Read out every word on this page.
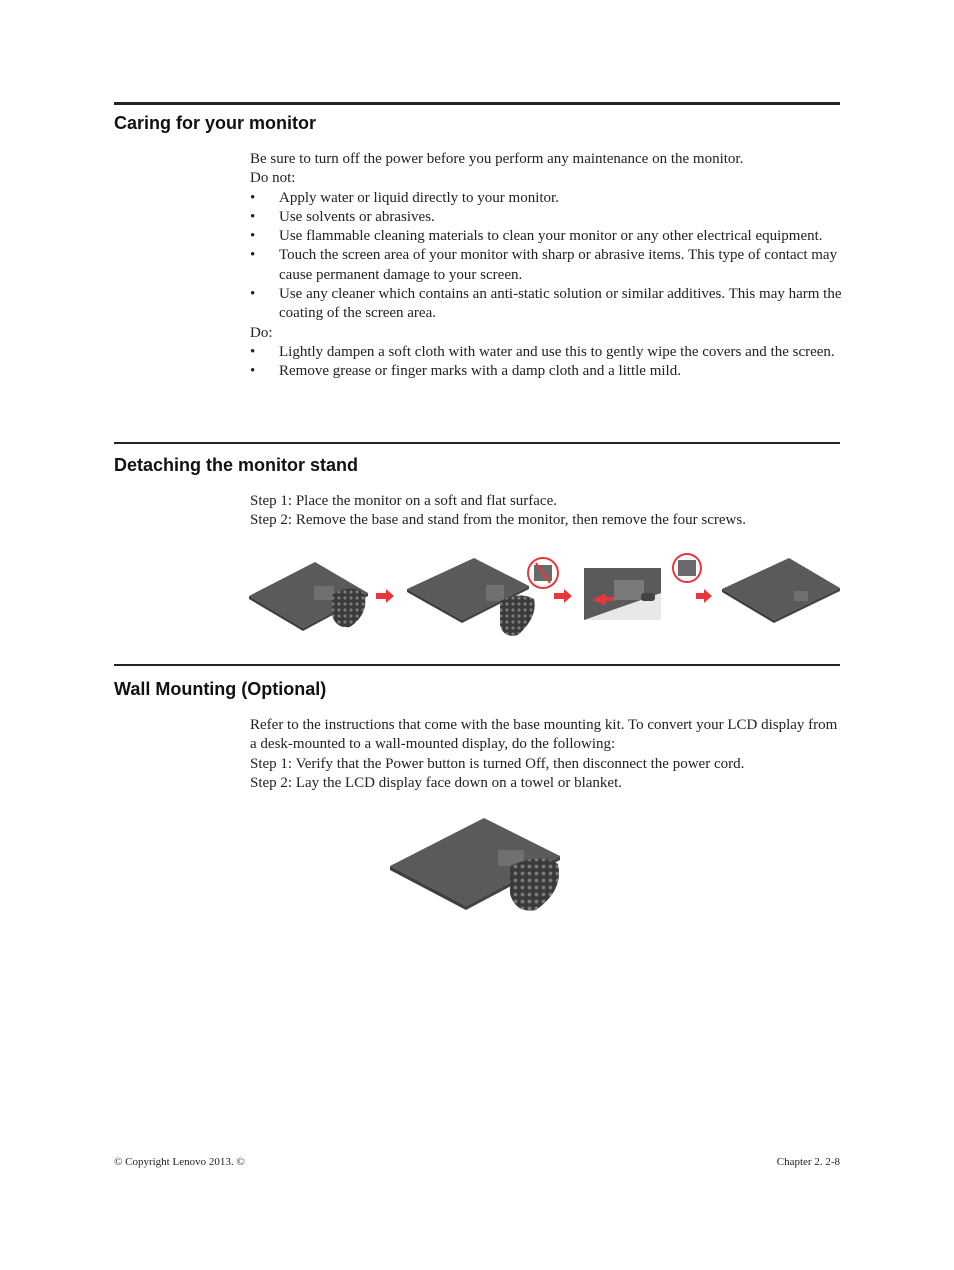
Caring for your monitor

Be sure to turn off the power before you perform any maintenance on the monitor.

Do not:

• Apply water or liquid directly to your monitor.
• Use solvents or abrasives.
• Use flammable cleaning materials to clean your monitor or any other electrical equipment.
• Touch the screen area of your monitor with sharp or abrasive items. This type of contact may cause permanent damage to your screen.
• Use any cleaner which contains an anti-static solution or similar additives. This may harm the coating of the screen area.

Do:

• Lightly dampen a soft cloth with water and use this to gently wipe the covers and the screen.
• Remove grease or finger marks with a damp cloth and a little mild.
Detaching the monitor stand

Step 1: Place the monitor on a soft and flat surface.

Step 2: Remove the base and stand from the monitor, then remove the four screws.

Wall Mounting (Optional)

Refer to the instructions that come with the base mounting kit. To convert your LCD display from a desk-mounted to a wall-mounted display, do the following:

Step 1: Verify that the Power button is turned Off, then disconnect the power cord.

Step 2: Lay the LCD display face down on a towel or blanket.

© Copyright Lenovo 2013. ©	Chapter 2. 2-8
